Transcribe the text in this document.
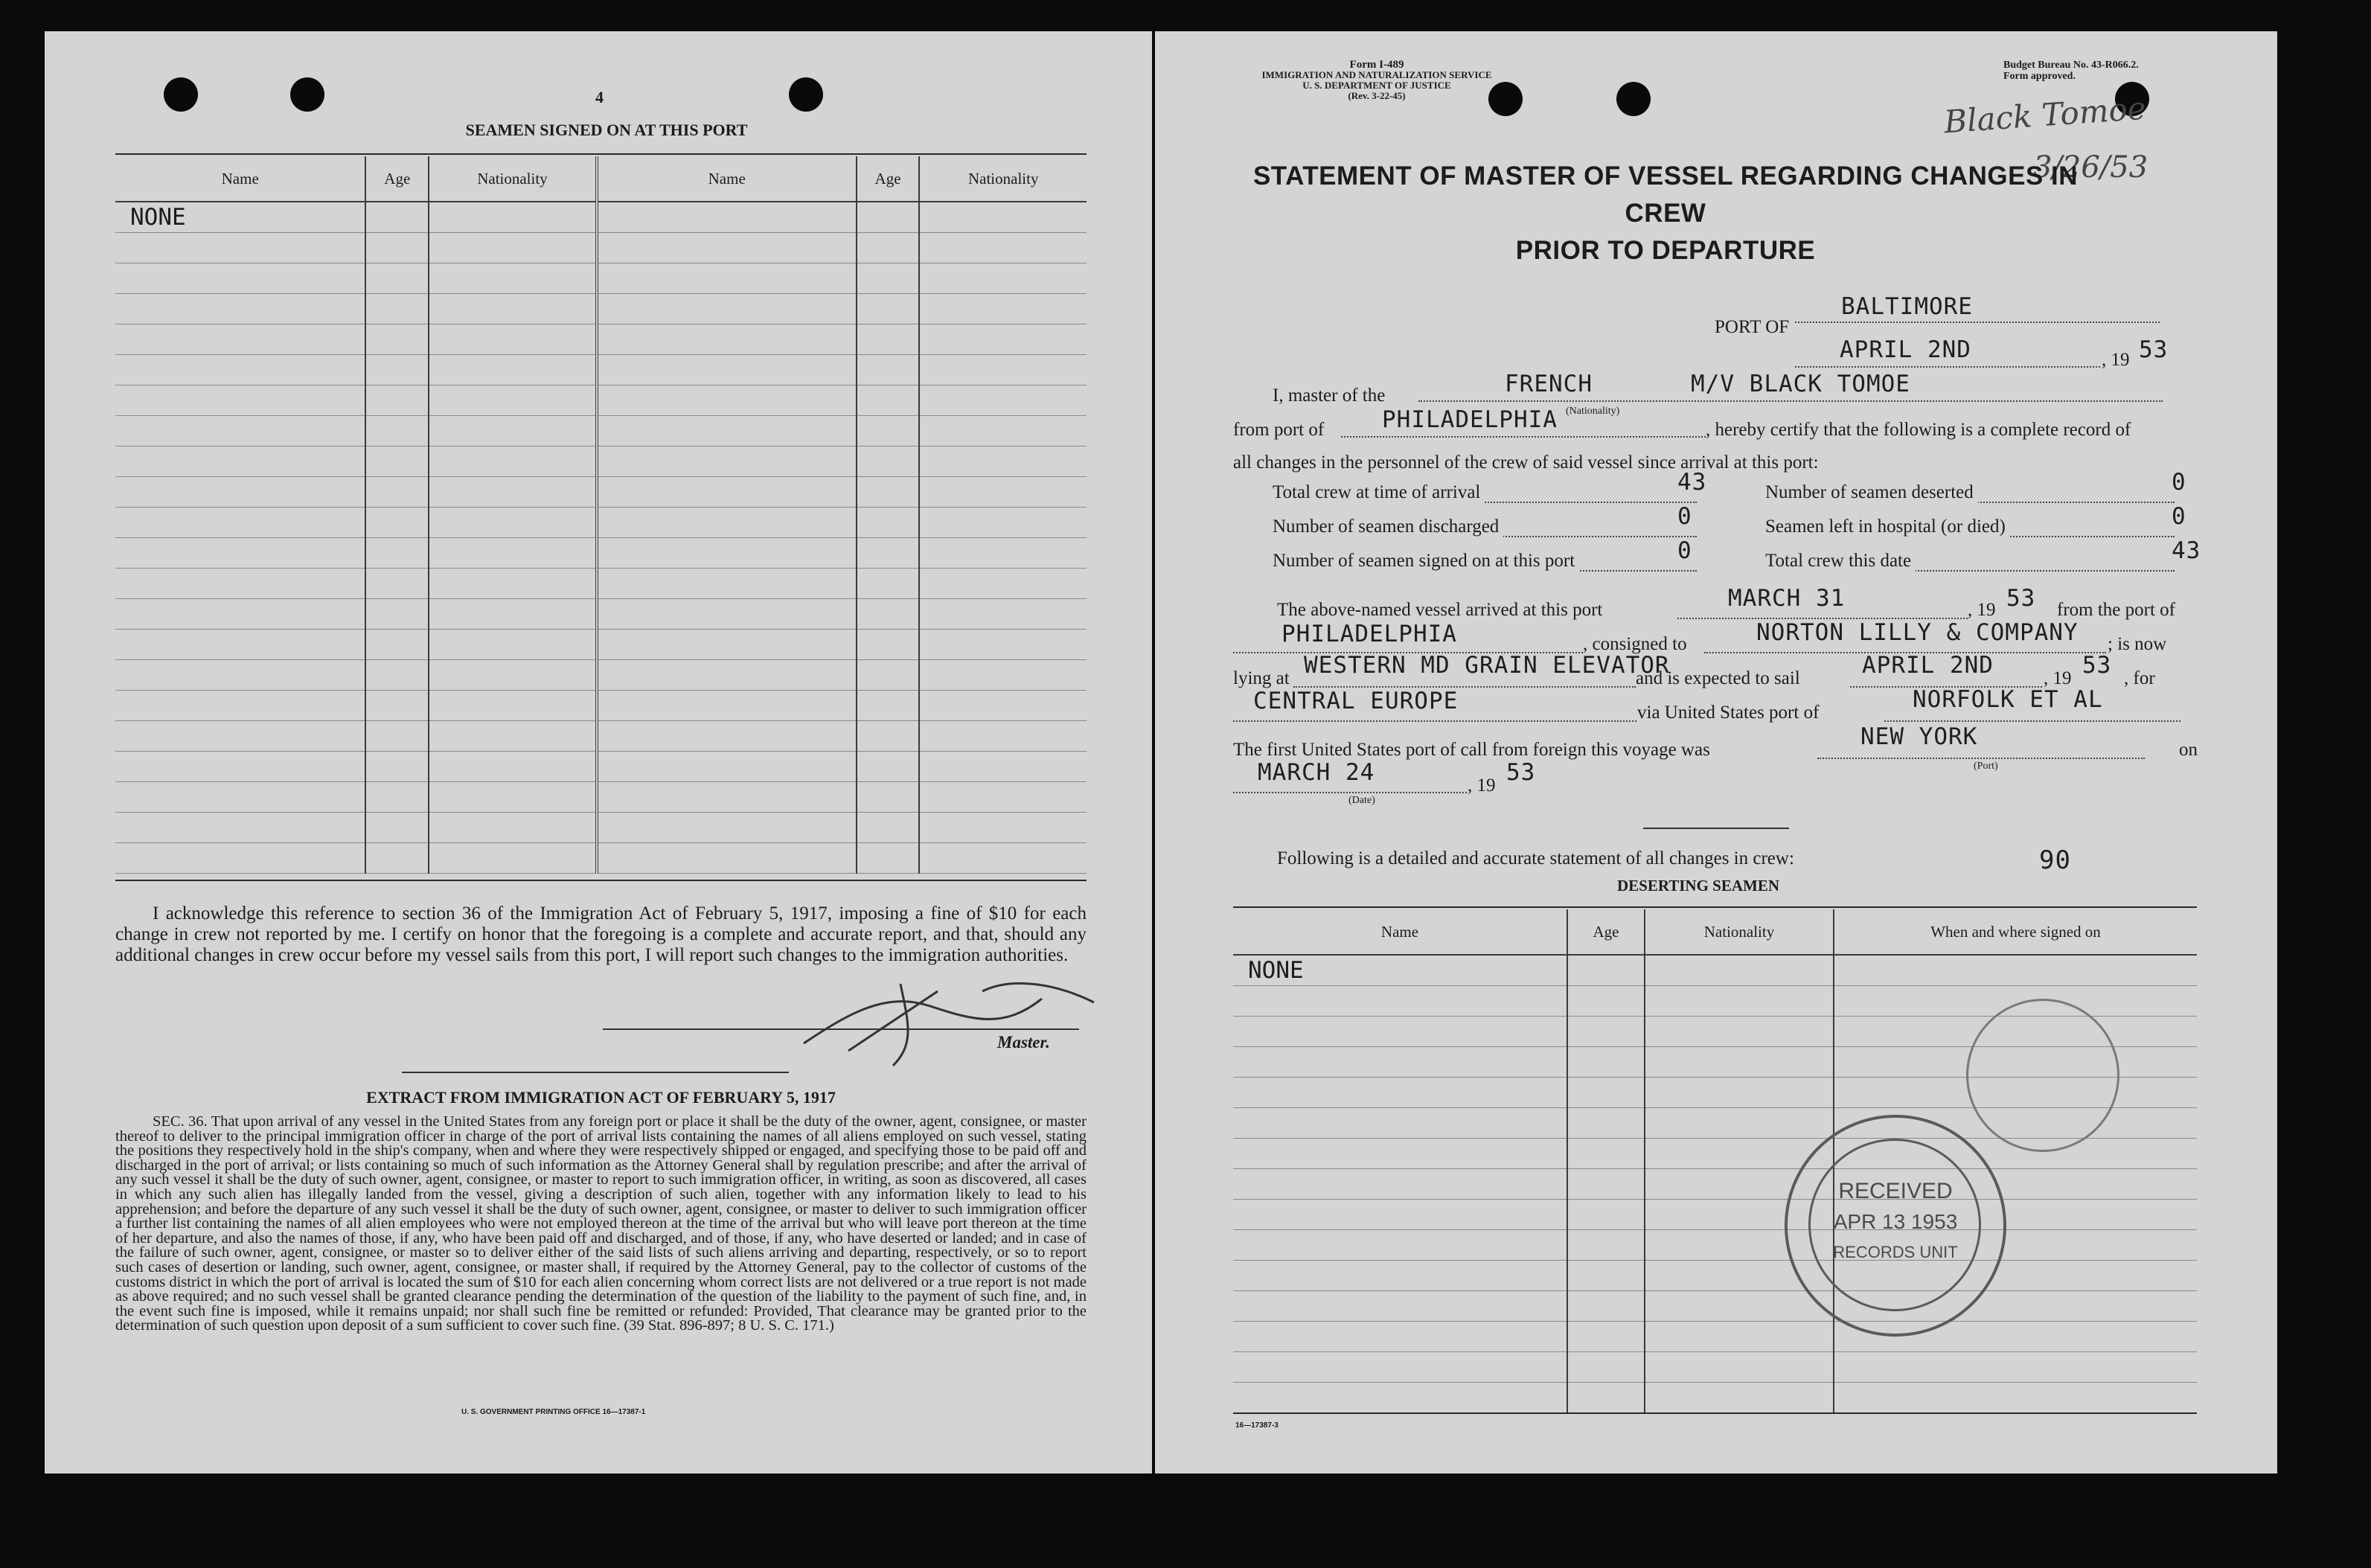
4
SEAMEN SIGNED ON AT THIS PORT
Name	Age	Nationality	Name	Age	Nationality
NONE					

I acknowledge this reference to section 36 of the Immigration Act of February 5, 1917, imposing a fine of $10 for each change in crew not reported by me. I certify on honor that the foregoing is a complete and accurate report, and that, should any additional changes in crew occur before my vessel sails from this port, I will report such changes to the immigration authorities.
Master.
EXTRACT FROM IMMIGRATION ACT OF FEBRUARY 5, 1917
SEC. 36. That upon arrival of any vessel in the United States from any foreign port or place it shall be the duty of the owner, agent, consignee, or master thereof to deliver to the principal immigration officer in charge of the port of arrival lists containing the names of all aliens employed on such vessel, stating the positions they respectively hold in the ship's company, when and where they were respectively shipped or engaged, and specifying those to be paid off and discharged in the port of arrival; or lists containing so much of such information as the Attorney General shall by regulation prescribe; and after the arrival of any such vessel it shall be the duty of such owner, agent, consignee, or master to report to such immigration officer, in writing, as soon as discovered, all cases in which any such alien has illegally landed from the vessel, giving a description of such alien, together with any information likely to lead to his apprehension; and before the departure of any such vessel it shall be the duty of such owner, agent, consignee, or master to deliver to such immigration officer a further list containing the names of all alien employees who were not employed thereon at the time of the arrival but who will leave port thereon at the time of her departure, and also the names of those, if any, who have been paid off and discharged, and of those, if any, who have deserted or landed; and in case of the failure of such owner, agent, consignee, or master so to deliver either of the said lists of such aliens arriving and departing, respectively, or so to report such cases of desertion or landing, such owner, agent, consignee, or master shall, if required by the Attorney General, pay to the collector of customs of the customs district in which the port of arrival is located the sum of $10 for each alien concerning whom correct lists are not delivered or a true report is not made as above required; and no such vessel shall be granted clearance pending the determination of the question of the liability to the payment of such fine, and, in the event such fine is imposed, while it remains unpaid; nor shall such fine be remitted or refunded: Provided, That clearance may be granted prior to the determination of such question upon deposit of a sum sufficient to cover such fine. (39 Stat. 896-897; 8 U. S. C. 171.)
U. S. GOVERNMENT PRINTING OFFICE 16—17387-1
Form I-489
IMMIGRATION AND NATURALIZATION SERVICE
U. S. DEPARTMENT OF JUSTICE
(Rev. 3-22-45)
Budget Bureau No. 43-R066.2.
Form approved.
Black Tomoe
3/26/53
STATEMENT OF MASTER OF VESSEL REGARDING CHANGES IN CREW
PRIOR TO DEPARTURE
PORT OF
BALTIMORE
APRIL 2ND	, 19 53
I, master of the	FRENCH	M/V BLACK TOMOE
from port of	PHILADELPHIA (Nationality)
, hereby certify that the following is a complete record of
all changes in the personnel of the crew of said vessel since arrival at this port:
Total crew at time of arrival	43	Number of seamen deserted	0
Number of seamen discharged	0	Seamen left in hospital (or died)	0
Number of seamen signed on at this port	0	Total crew this date	43
The above-named vessel arrived at this port	MARCH 31	, 19 53 from the port of
PHILADELPHIA	, consigned to	NORTON LILLY & COMPANY ; is now
lying at WESTERN MD GRAIN ELEVATOR
and is expected to sail	APRIL 2ND	, 19 53 , for
CENTRAL EUROPE	via United States port of	NORFOLK ET AL
The first United States port of call from foreign this voyage was	NEW YORK
(Port)
on
MARCH 24	, 19 53
(Date)
Following is a detailed and accurate statement of all changes in crew:	90
DESERTING SEAMEN
Name	Age	Nationality	When and where signed on
NONE			

16—17387-3
RECEIVED
APR 13 1953
RECORDS UNIT
